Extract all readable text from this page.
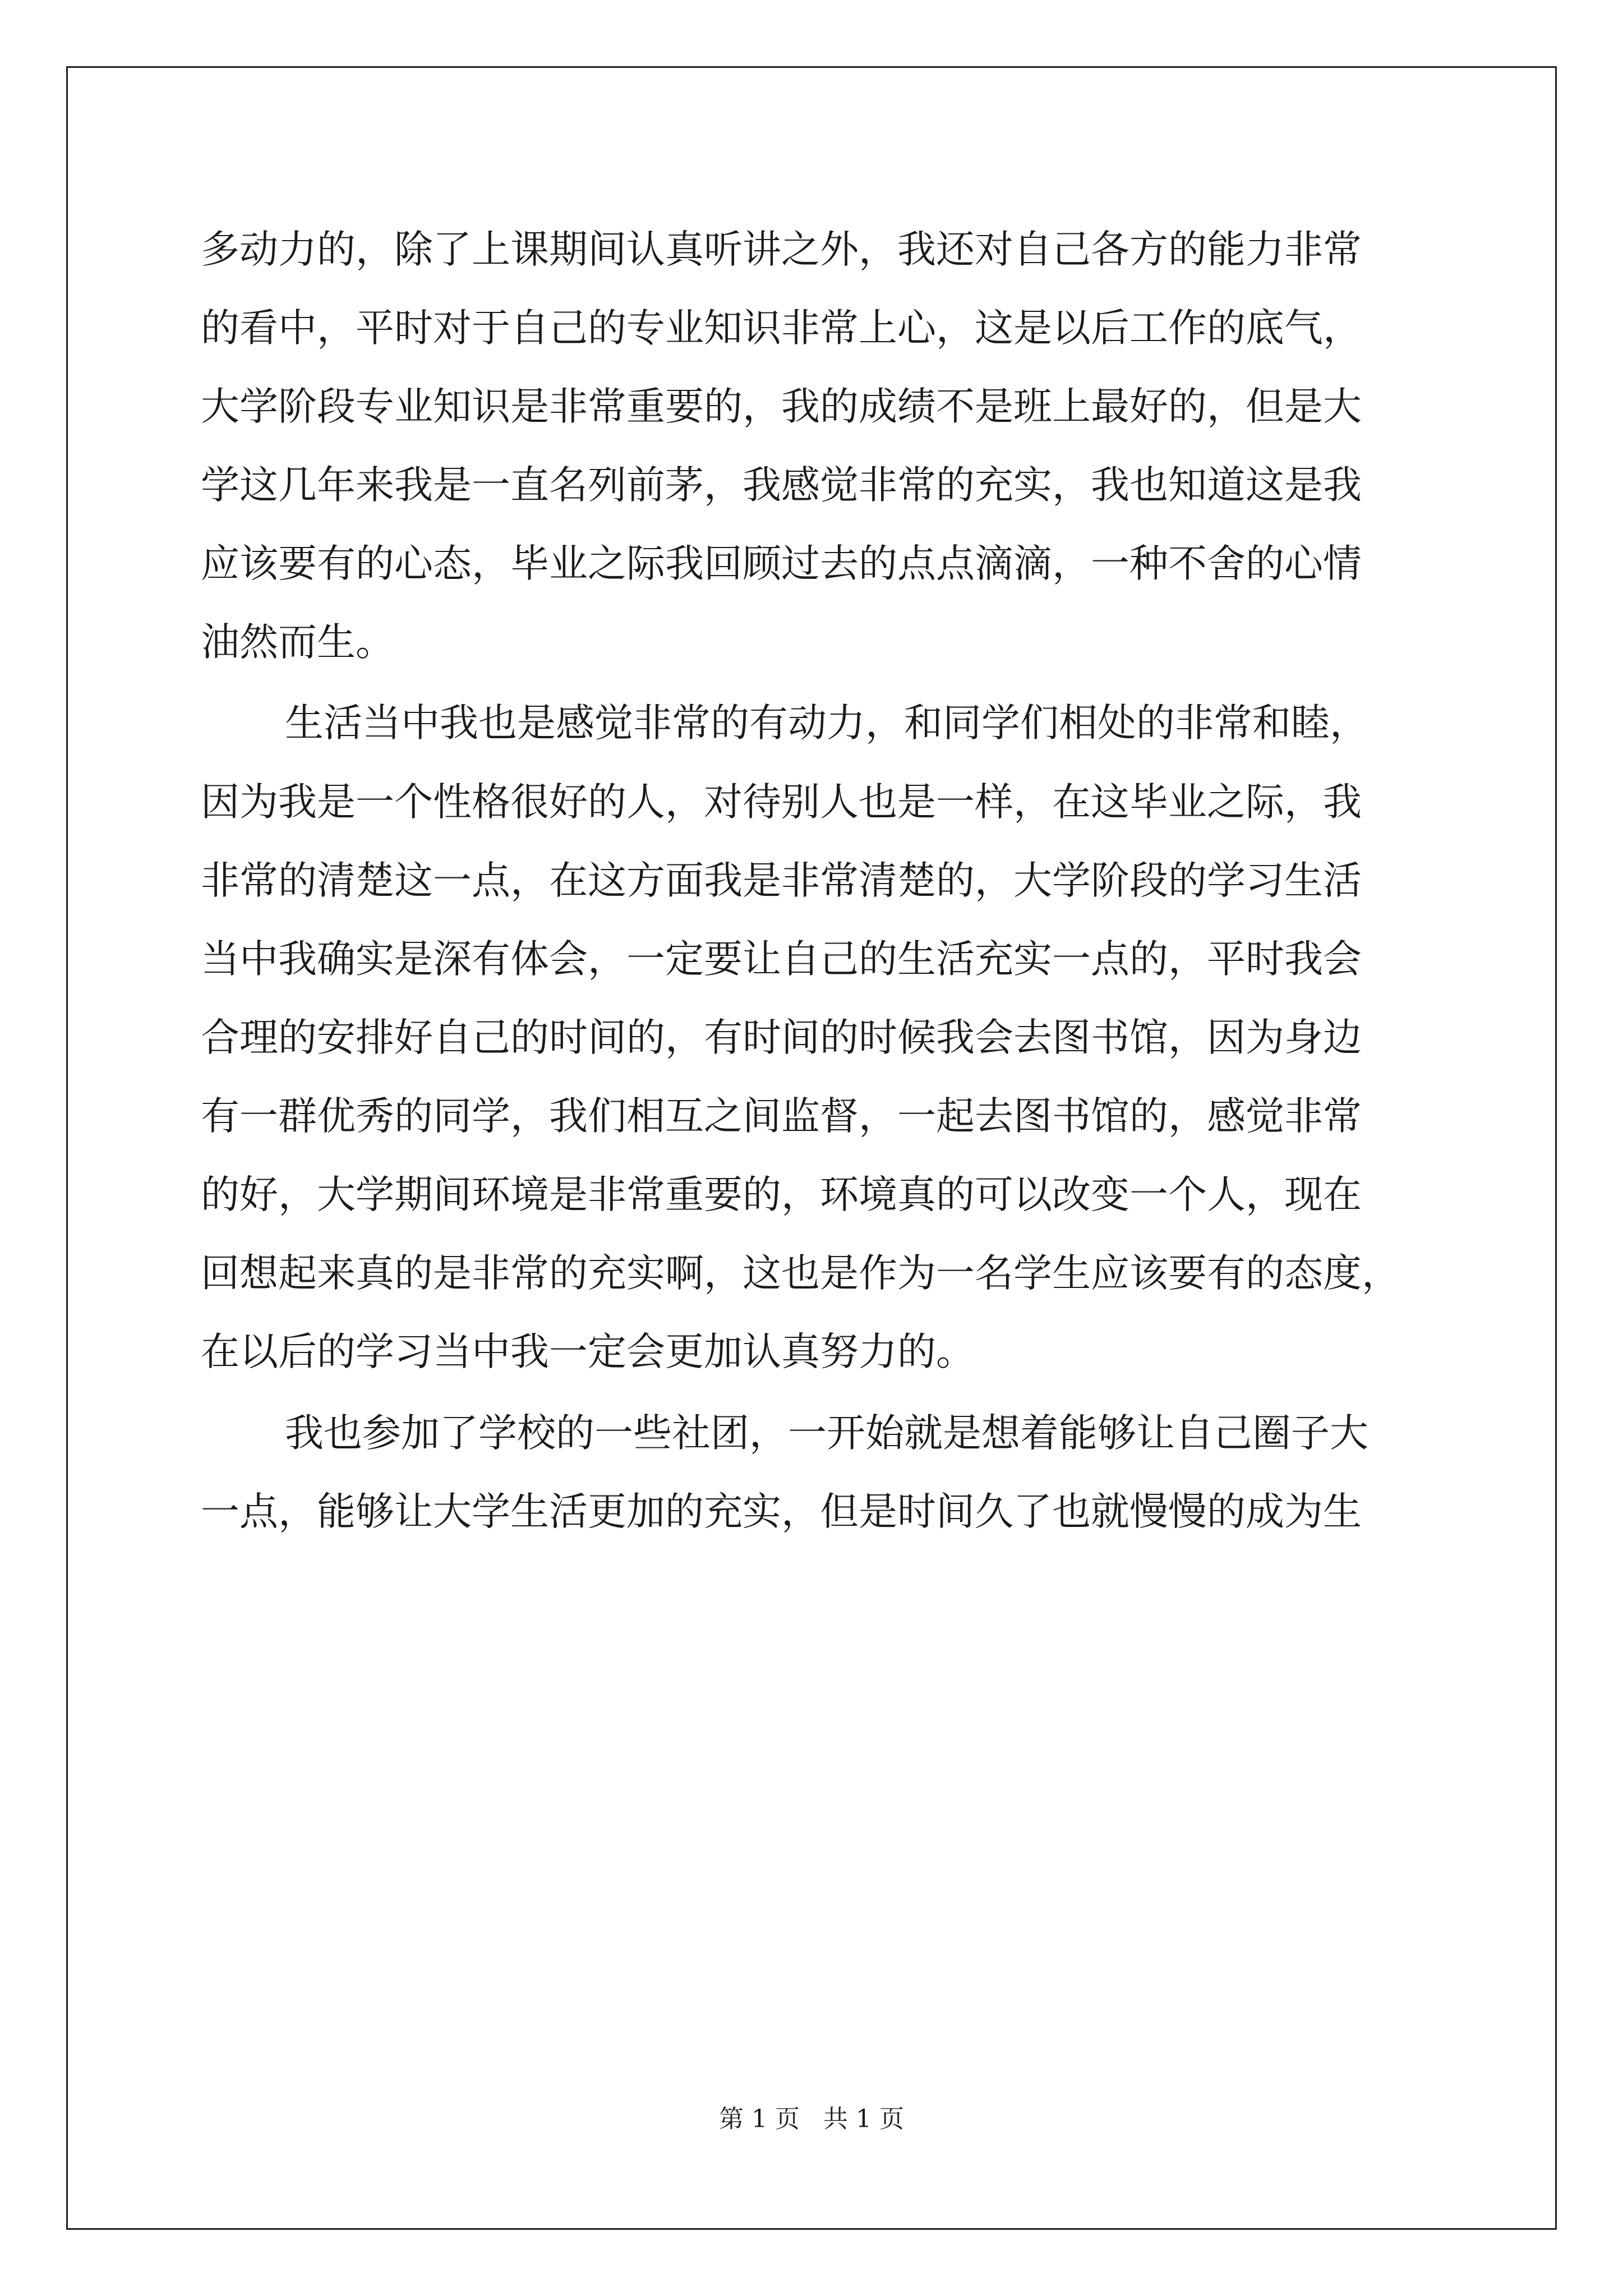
多动力的，除了上课期间认真听讲之外，我还对自己各方的能力非常
的看中，平时对于自己的专业知识非常上心，这是以后工作的底气，
大学阶段专业知识是非常重要的，我的成绩不是班上最好的，但是大
学这几年来我是一直名列前茅，我感觉非常的充实，我也知道这是我
应该要有的心态，毕业之际我回顾过去的点点滴滴，一种不舍的心情
油然而生。
生活当中我也是感觉非常的有动力，和同学们相处的非常和睦，
因为我是一个性格很好的人，对待别人也是一样，在这毕业之际，我
非常的清楚这一点，在这方面我是非常清楚的，大学阶段的学习生活
当中我确实是深有体会，一定要让自己的生活充实一点的，平时我会
合理的安排好自己的时间的，有时间的时候我会去图书馆，因为身边
有一群优秀的同学，我们相互之间监督，一起去图书馆的，感觉非常
的好，大学期间环境是非常重要的，环境真的可以改变一个人，现在
回想起来真的是非常的充实啊，这也是作为一名学生应该要有的态度，
在以后的学习当中我一定会更加认真努力的。
我也参加了学校的一些社团，一开始就是想着能够让自己圈子大
一点，能够让大学生活更加的充实，但是时间久了也就慢慢的成为生
第 1 页   共 1 页
